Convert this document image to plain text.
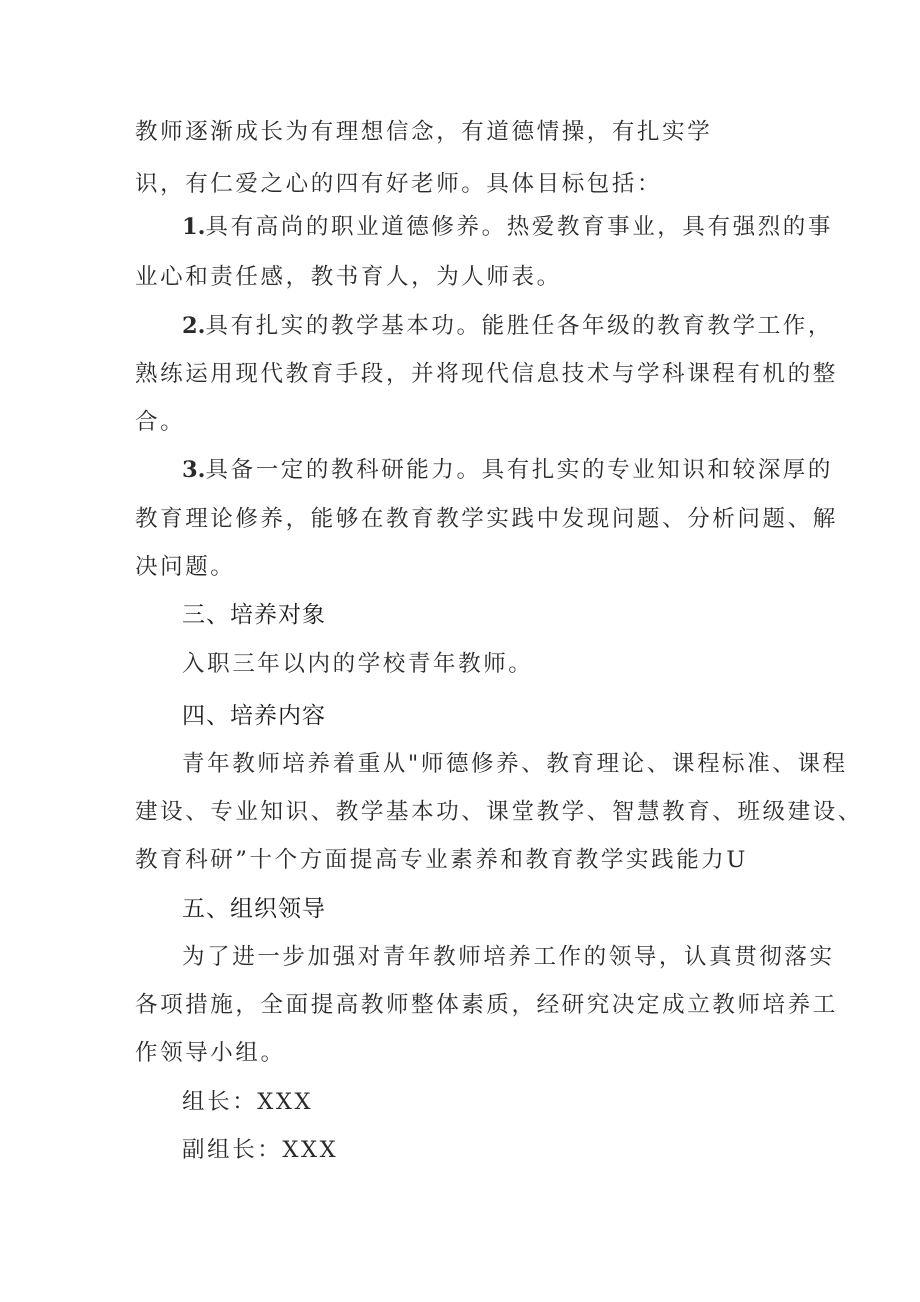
教师逐渐成长为有理想信念，有道德情操，有扎实学
识，有仁爱之心的四有好老师。具体目标包括：
1.具有高尚的职业道德修养。热爱教育事业，具有强烈的事
业心和责任感，教书育人，为人师表。
2.具有扎实的教学基本功。能胜任各年级的教育教学工作，
熟练运用现代教育手段，并将现代信息技术与学科课程有机的整
合。
3.具备一定的教科研能力。具有扎实的专业知识和较深厚的
教育理论修养，能够在教育教学实践中发现问题、分析问题、解
决问题。
三、培养对象
入职三年以内的学校青年教师。
四、培养内容
青年教师培养着重从"师德修养、教育理论、课程标准、课程
建设、专业知识、教学基本功、课堂教学、智慧教育、班级建设、
教育科研”十个方面提高专业素养和教育教学实践能力U
五、组织领导
为了进一步加强对青年教师培养工作的领导，认真贯彻落实
各项措施，全面提高教师整体素质，经研究决定成立教师培养工
作领导小组。
组长：XXX
副组长：XXX
